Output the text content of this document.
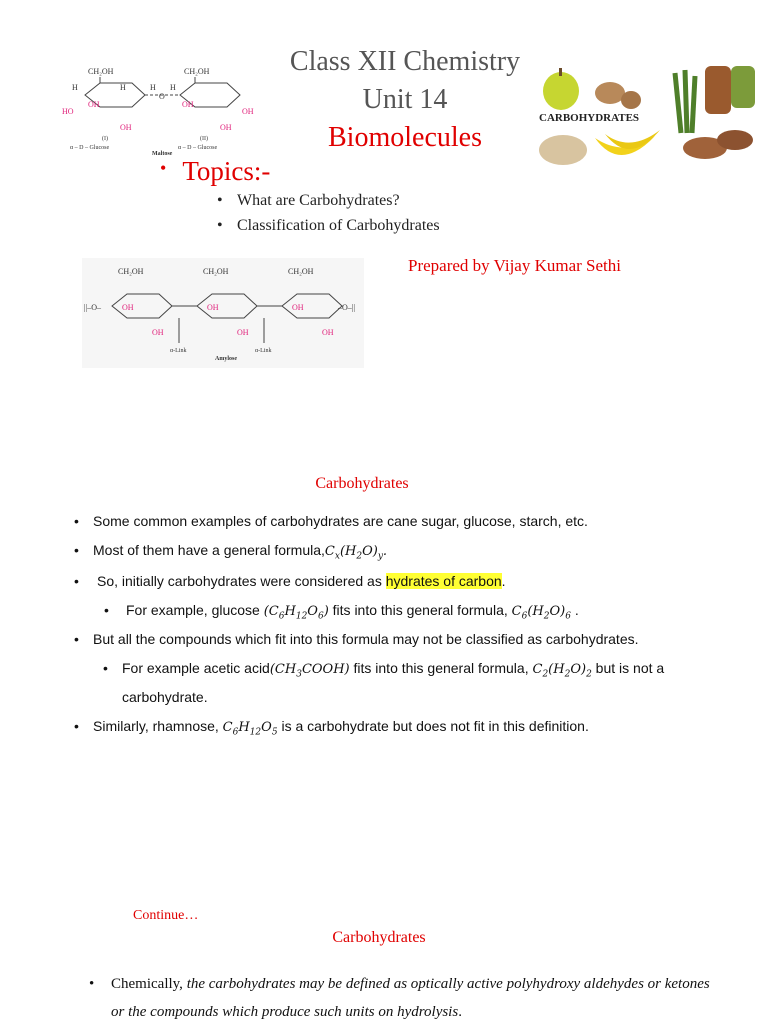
CH₂OH	CH₂OH
HO
H	H	H
OH
OH
O
H
OH
OH
OH
(I)	(II)
α – D – Glucose	α – D – Glucose
Maltose
Class XII Chemistry
Unit 14
Biomolecules
CARBOHYDRATES
• Topics:-
• What are Carbohydrates?
• Classification of Carbohydrates
CH₂OH	CH₂OH	CH₂OH
||–O–	–O–||
OH	OH	OH
OH	OH	OH
α-Link	α-Link
Amylose
Prepared by Vijay Kumar Sethi
Carbohydrates
• Some common examples of carbohydrates are cane sugar, glucose, starch, etc.
• Most of them have a general $formula,C_x(H_2O)_y$.
• So, initially carbohydrates were considered as hydrates of carbon.
• For example, glucose $(C_6H_{12}O_6)$ fits into this general formula, $C_6(H_2O)_6$ .
• But all the compounds which fit into this formula may not be classified as carbohydrates.
• For example acetic $acid(CH_3COOH)$ fits into this general formula, $C_2(H_2O)_2$ but is not a
carbohydrate.
• Similarly, rhamnose, $C_6H_{12}O_5$ is a carbohydrate but does not fit in this definition.
Continue…
Carbohydrates
• Chemically, the carbohydrates may be defined as optically active polyhydroxy aldehydes or ketones or the compounds which produce such units on hydrolysis.
